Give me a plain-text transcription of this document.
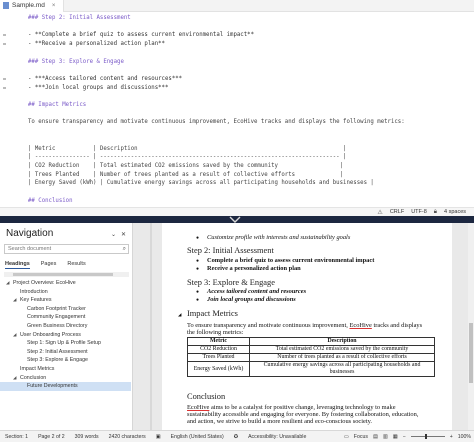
Sample.md ×
### Step 2: Initial Assessment
- **Complete a brief quiz to assess current environmental impact**
- **Receive a personalized action plan**
### Step 3: Explore & Engage
- ***Access tailored content and resources***
- ***Join local groups and discussions***
## Impact Metrics
To ensure transparency and motivate continuous improvement, EcoHive tracks and displays the following metrics:
| Metric           | Description                                                            |
| ---------------- | ---------------------------------------------------------------------- |
| CO2 Reduction    | Total estimated CO2 emissions saved by the community                  |
| Trees Planted    | Number of trees planted as a result of collective efforts             |
| Energy Saved (kWh) | Cumulative energy savings across all participating households and businesses |
## Conclusion
⚠ CRLF UTF-8 🔒︎ 4 spaces
Navigation	⌄ ✕
Search document	⌕
Headings Pages Results
◢ Project Overview: EcoHive
Introduction
◢ Key Features
Carbon Footprint Tracker
Community Engagement
Green Business Directory
◢ User Onboarding Process
Step 1: Sign Up & Profile Setup
Step 2: Initial Assessment
Step 3: Explore & Engage
Impact Metrics
◢ Conclusion
Future Developments
● Customize profile with interests and sustainability goals
Step 2: Initial Assessment
● Complete a brief quiz to assess current environmental impact
● Receive a personalized action plan
Step 3: Explore & Engage
● Access tailored content and resources
● Join local groups and discussions
◢ Impact Metrics
To ensure transparency and motivate continuous improvement, EcoHive tracks and displays
the following metrics:
Metric	Description
CO2 Reduction	Total estimated CO2 emissions saved by the community
Trees Planted	Number of trees planted as a result of collective efforts
Energy Saved (kWh)	Cumulative energy savings across all participating households and businesses
Conclusion
EcoHive aims to be a catalyst for positive change, leveraging technology to make
sustainability accessible and engaging for everyone. By fostering collaboration, education,
and action, we strive to build a more resilient and eco-conscious society.
Section: 1	Page 2 of 2	309 words	2420 characters	▣	English (United States)	✪	Accessibility: Unavailable	▭ Focus ▤ ▥ ▦ −	+ 100%
